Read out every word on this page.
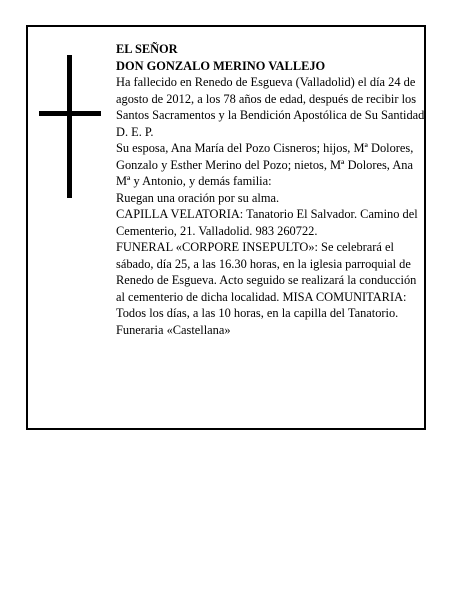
EL SEÑOR

DON GONZALO MERINO VALLEJO

Ha fallecido en Renedo de Esgueva (Valladolid) el día 24 de agosto de 2012, a los 78 años de edad, después de recibir los Santos Sacramentos y la Bendición Apostólica de Su Santidad

D. E. P.

Su esposa, Ana María del Pozo Cisneros; hijos, Mª Dolores, Gonzalo y Esther Merino del Pozo; nietos, Mª Dolores, Ana Mª y Antonio, y demás familia:

Ruegan una oración por su alma.

CAPILLA VELATORIA: Tanatorio El Salvador. Camino del Cementerio, 21. Valladolid. 983 260722.

FUNERAL «CORPORE INSEPULTO»: Se celebrará el sábado, día 25, a las 16.30 horas, en la iglesia parroquial de Renedo de Esgueva. Acto seguido se realizará la conducción al cementerio de dicha localidad. MISA COMUNITARIA: Todos los días, a las 10 horas, en la capilla del Tanatorio.

Funeraria «Castellana»
